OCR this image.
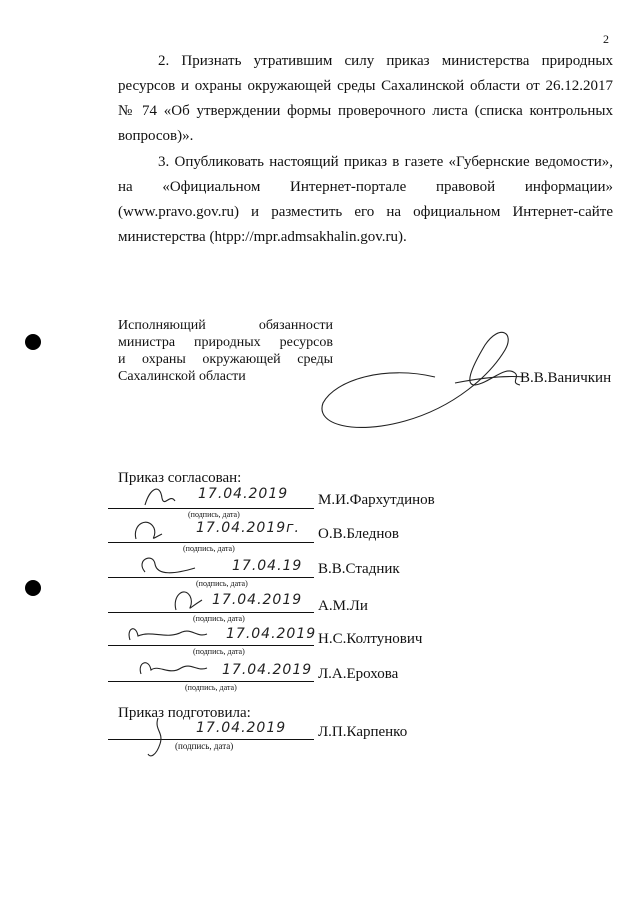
2
2. Признать утратившим силу приказ министерства природных
ресурсов и охраны окружающей среды Сахалинской области от 26.12.2017
№ 74 «Об утверждении формы проверочного листа (списка контрольных
вопросов)».
3. Опубликовать настоящий приказ в газете «Губернские ведомости»,
на «Официальном Интернет-портале правовой информации»
(www.pravo.gov.ru) и разместить его на официальном Интернет-сайте
министерства (htpp://mpr.admsakhalin.gov.ru).
Исполняющий обязанности
министра природных ресурсов
и охраны окружающей среды
Сахалинской области	В.В.Ваничкин
Приказ согласован:
17.04.2019
(подпись, дата)
М.И.Фархутдинов
17.04.2019г.
(подпись, дата)
О.В.Бледнов
17.04.19
(подпись, дата)
В.В.Стадник
17.04.2019
(подпись, дата)
А.М.Ли
17.04.2019
(подпись, дата)
Н.С.Колтунович
17.04.2019
(подпись, дата)
Л.А.Ерохова
Приказ подготовила:
17.04.2019
(подпись, дата)
Л.П.Карпенко
